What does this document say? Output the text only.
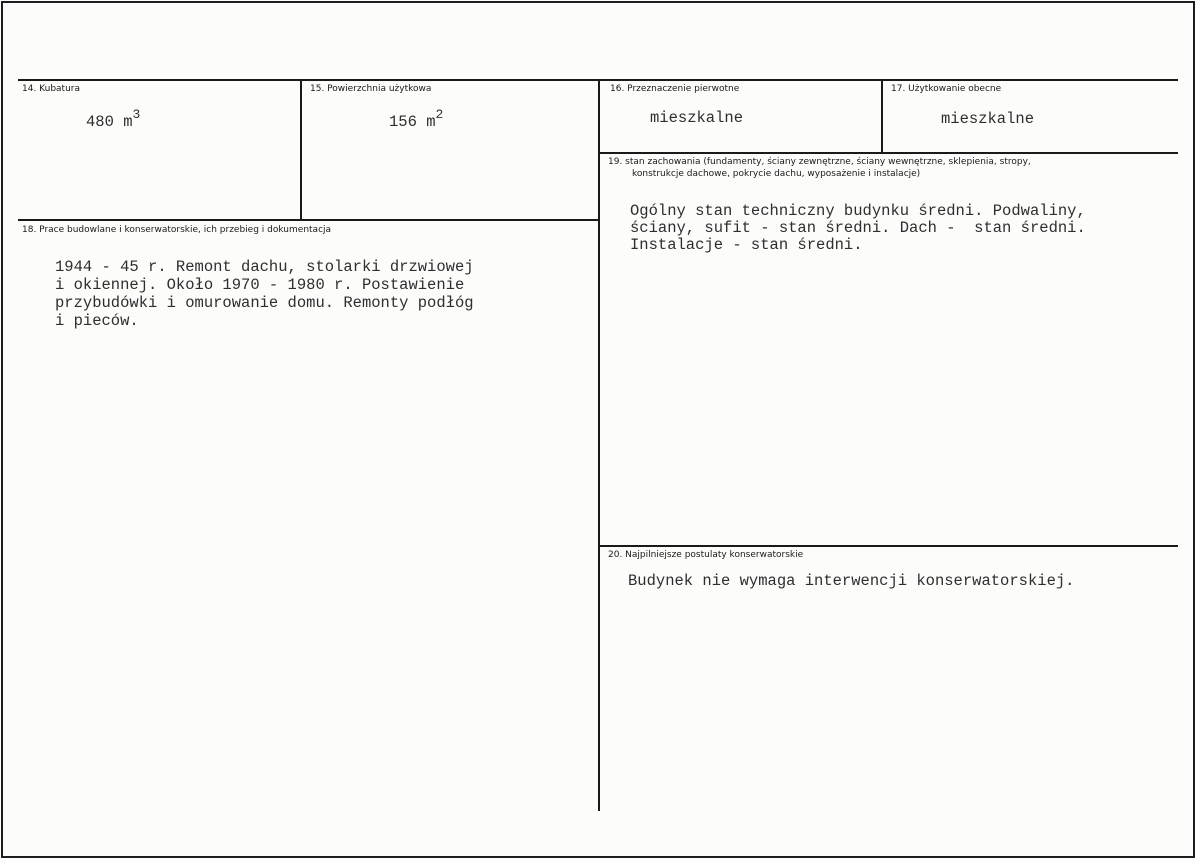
14. Kubatura
480 $m^3$
15. Powierzchnia użytkowa
156 $m^2$
16. Przeznaczenie pierwotne
mieszkalne
17. Użytkowanie obecne
mieszkalne
18. Prace budowlane i konserwatorskie, ich przebieg i dokumentacja
1944 - 45 r. Remont dachu, stolarki drzwiowej
i okiennej. Około 1970 - 1980 r. Postawienie
przybudówki i omurowanie domu. Remonty podłóg
i pieców.
19. stan zachowania (fundamenty, ściany zewnętrzne, ściany wewnętrzne, sklepienia, stropy,
konstrukcje dachowe, pokrycie dachu, wyposażenie i instalacje)
Ogólny stan techniczny budynku średni. Podwaliny,
ściany, sufit - stan średni. Dach -  stan średni.
Instalacje - stan średni.
20. Najpilniejsze postulaty konserwatorskie
Budynek nie wymaga interwencji konserwatorskiej.
